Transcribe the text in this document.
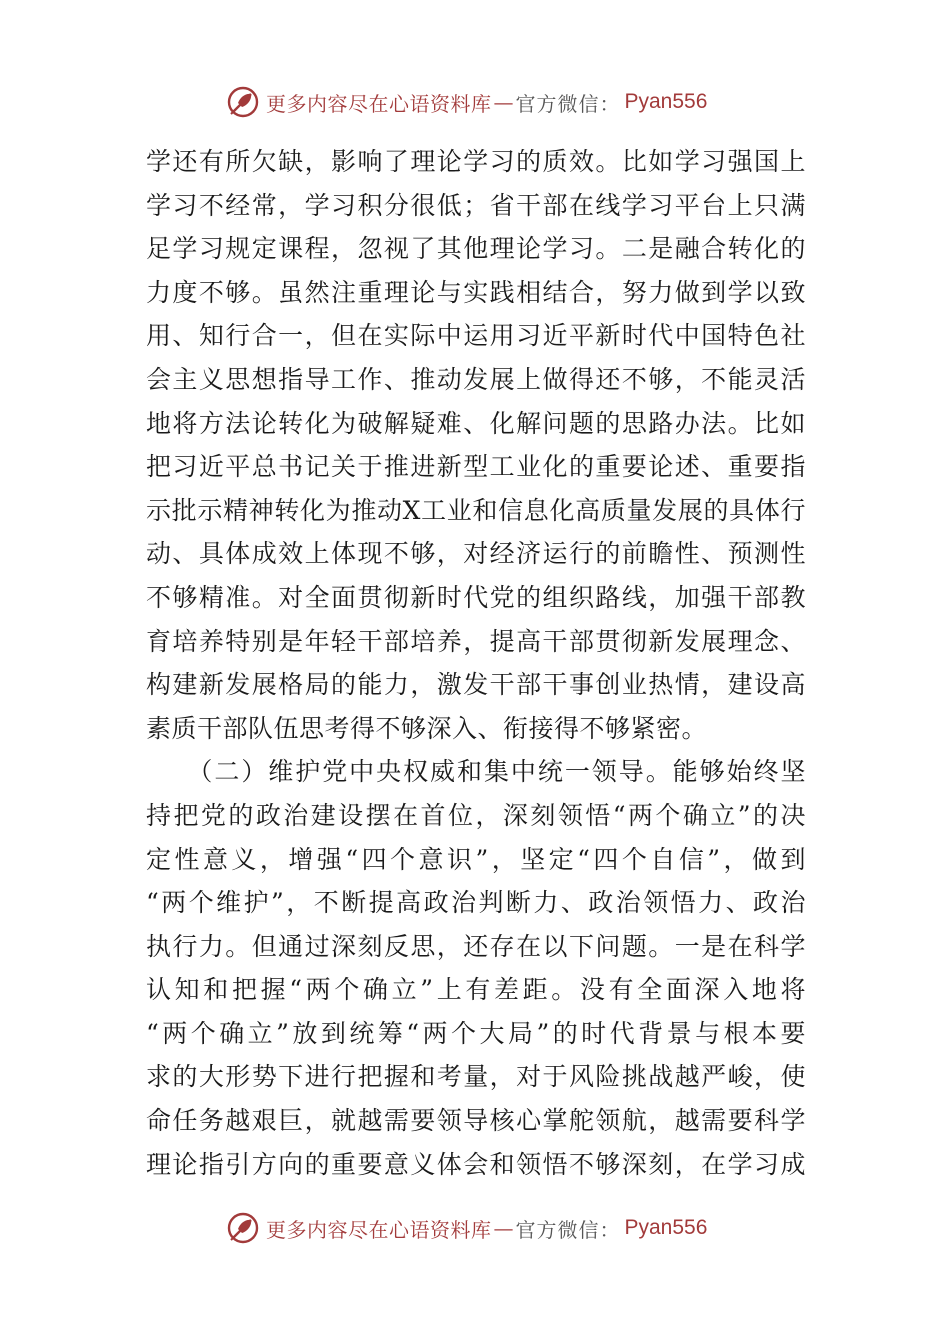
更多内容尽在心语资料库 — 官方微信： Pyan556
学还有所欠缺，影响了理论学习的质效。比如学习强国上
学习不经常，学习积分很低；省干部在线学习平台上只满
足学习规定课程，忽视了其他理论学习。二是融合转化的
力度不够。虽然注重理论与实践相结合，努力做到学以致
用、知行合一，但在实际中运用习近平新时代中国特色社
会主义思想指导工作、推动发展上做得还不够，不能灵活
地将方法论转化为破解疑难、化解问题的思路办法。比如
把习近平总书记关于推进新型工业化的重要论述、重要指
示批示精神转化为推动X工业和信息化高质量发展的具体行
动、具体成效上体现不够，对经济运行的前瞻性、预测性
不够精准。对全面贯彻新时代党的组织路线，加强干部教
育培养特别是年轻干部培养，提高干部贯彻新发展理念、
构建新发展格局的能力，激发干部干事创业热情，建设高
素质干部队伍思考得不够深入、衔接得不够紧密。
　　（二）维护党中央权威和集中统一领导。能够始终坚
持把党的政治建设摆在首位，深刻领悟“两个确立”的决
定性意义，增强“四个意识”，坚定“四个自信”，做到
“两个维护”，不断提高政治判断力、政治领悟力、政治
执行力。但通过深刻反思，还存在以下问题。一是在科学
认知和把握“两个确立”上有差距。没有全面深入地将
“两个确立”放到统筹“两个大局”的时代背景与根本要
求的大形势下进行把握和考量，对于风险挑战越严峻，使
命任务越艰巨，就越需要领导核心掌舵领航，越需要科学
理论指引方向的重要意义体会和领悟不够深刻，在学习成
更多内容尽在心语资料库 — 官方微信： Pyan556
